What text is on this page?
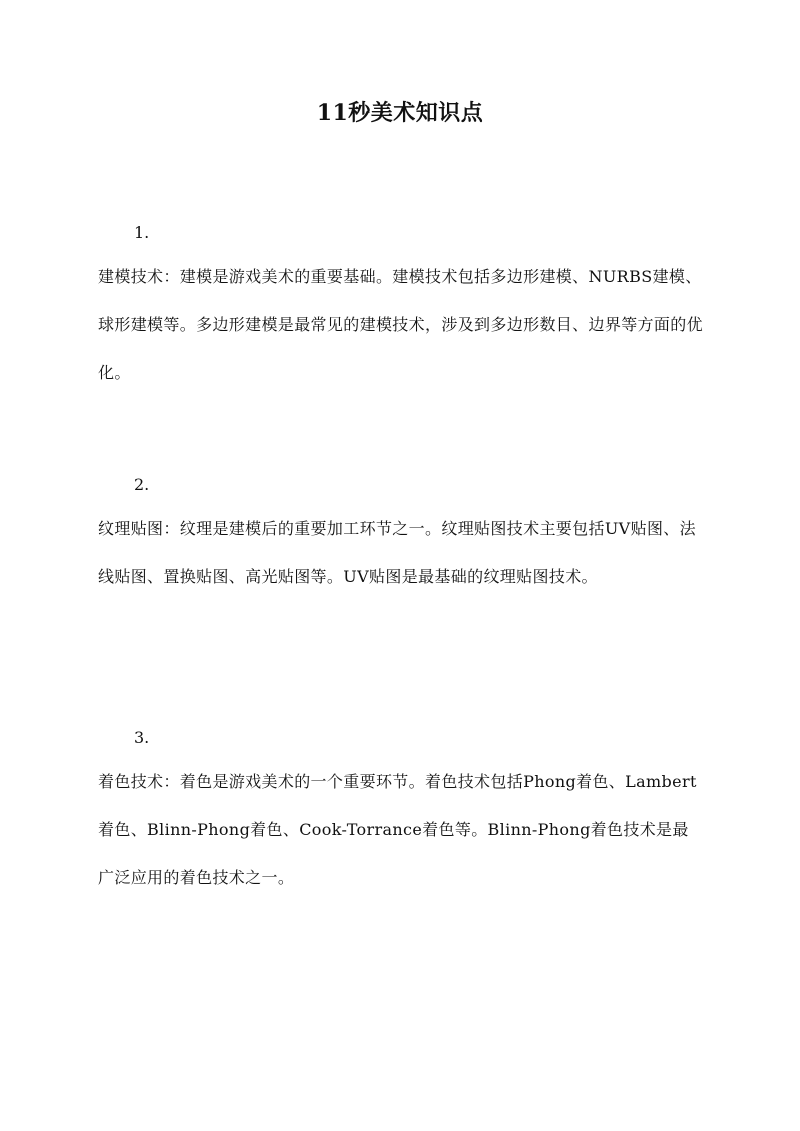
11秒美术知识点

1.

建模技术：建模是游戏美术的重要基础。建模技术包括多边形建模、NURBS建模、球形建模等。多边形建模是最常见的建模技术，涉及到多边形数目、边界等方面的优化。

2.

纹理贴图：纹理是建模后的重要加工环节之一。纹理贴图技术主要包括UV贴图、法线贴图、置换贴图、高光贴图等。UV贴图是最基础的纹理贴图技术。

3.

着色技术：着色是游戏美术的一个重要环节。着色技术包括Phong着色、Lambert着色、Blinn-Phong着色、Cook-Torrance着色等。Blinn-Phong着色技术是最广泛应用的着色技术之一。
